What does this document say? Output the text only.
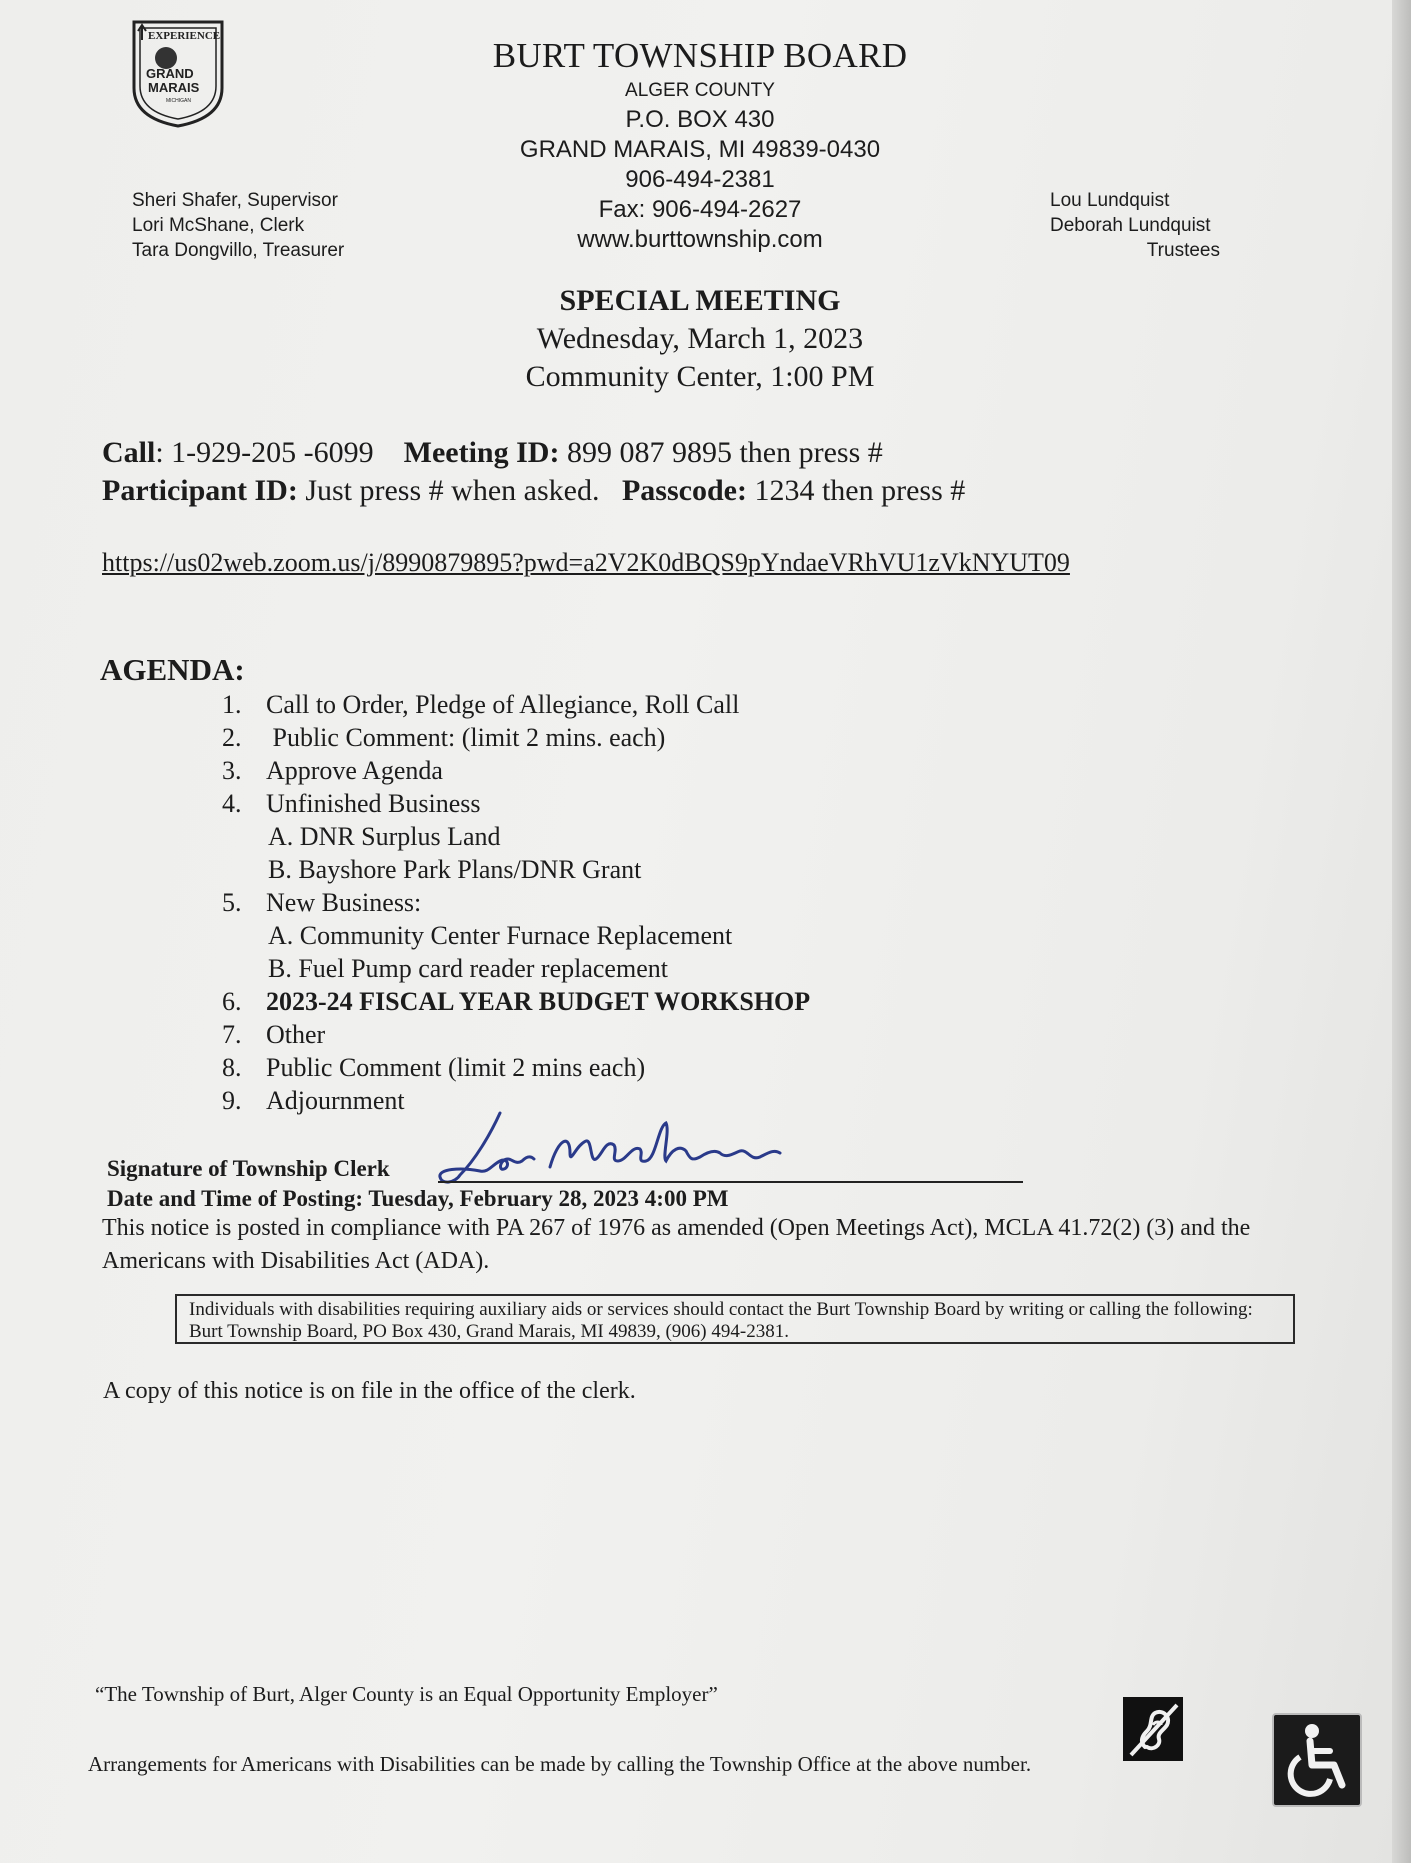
EXPERIENCE
GRAND
MARAIS
MICHIGAN
BURT TOWNSHIP BOARD
ALGER COUNTY
P.O. BOX 430
GRAND MARAIS, MI 49839-0430
906-494-2381
Fax: 906-494-2627
www.burttownship.com
Sheri Shafer, Supervisor
Lori McShane, Clerk
Tara Dongvillo, Treasurer
Lou Lundquist
Deborah Lundquist
Trustees
SPECIAL MEETING
Wednesday, March 1, 2023
Community Center, 1:00 PM
Call: 1-929-205 -6099 Meeting ID: 899 087 9895 then press #
Participant ID: Just press # when asked. Passcode: 1234 then press #
https://us02web.zoom.us/j/8990879895?pwd=a2V2K0dBQS9pYndaeVRhVU1zVkNYUT09
AGENDA:
1. Call to Order, Pledge of Allegiance, Roll Call
2. Public Comment: (limit 2 mins. each)
3. Approve Agenda
4. Unfinished Business
A. DNR Surplus Land
B. Bayshore Park Plans/DNR Grant
5. New Business:
A. Community Center Furnace Replacement
B. Fuel Pump card reader replacement
6. 2023-24 FISCAL YEAR BUDGET WORKSHOP
7. Other
8. Public Comment (limit 2 mins each)
9. Adjournment
Signature of Township Clerk
Date and Time of Posting: Tuesday, February 28, 2023 4:00 PM
This notice is posted in compliance with PA 267 of 1976 as amended (Open Meetings Act), MCLA 41.72(2) (3) and the Americans with Disabilities Act (ADA).
Individuals with disabilities requiring auxiliary aids or services should contact the Burt Township Board by writing or calling the following: Burt Township Board, PO Box 430, Grand Marais, MI 49839, (906) 494-2381.
A copy of this notice is on file in the office of the clerk.
“The Township of Burt, Alger County is an Equal Opportunity Employer”
Arrangements for Americans with Disabilities can be made by calling the Township Office at the above number.
